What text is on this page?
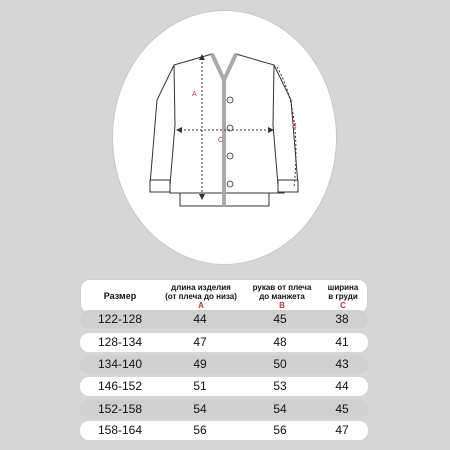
A
B
C
Размер
длина изделия
(от плеча до низа)
A
рукав от плеча
до манжета
B
ширина
в груди
C
122-128	44	45	38
128-134	47	48	41
134-140	49	50	43
146-152	51	53	44
152-158	54	54	45
158-164	56	56	47
